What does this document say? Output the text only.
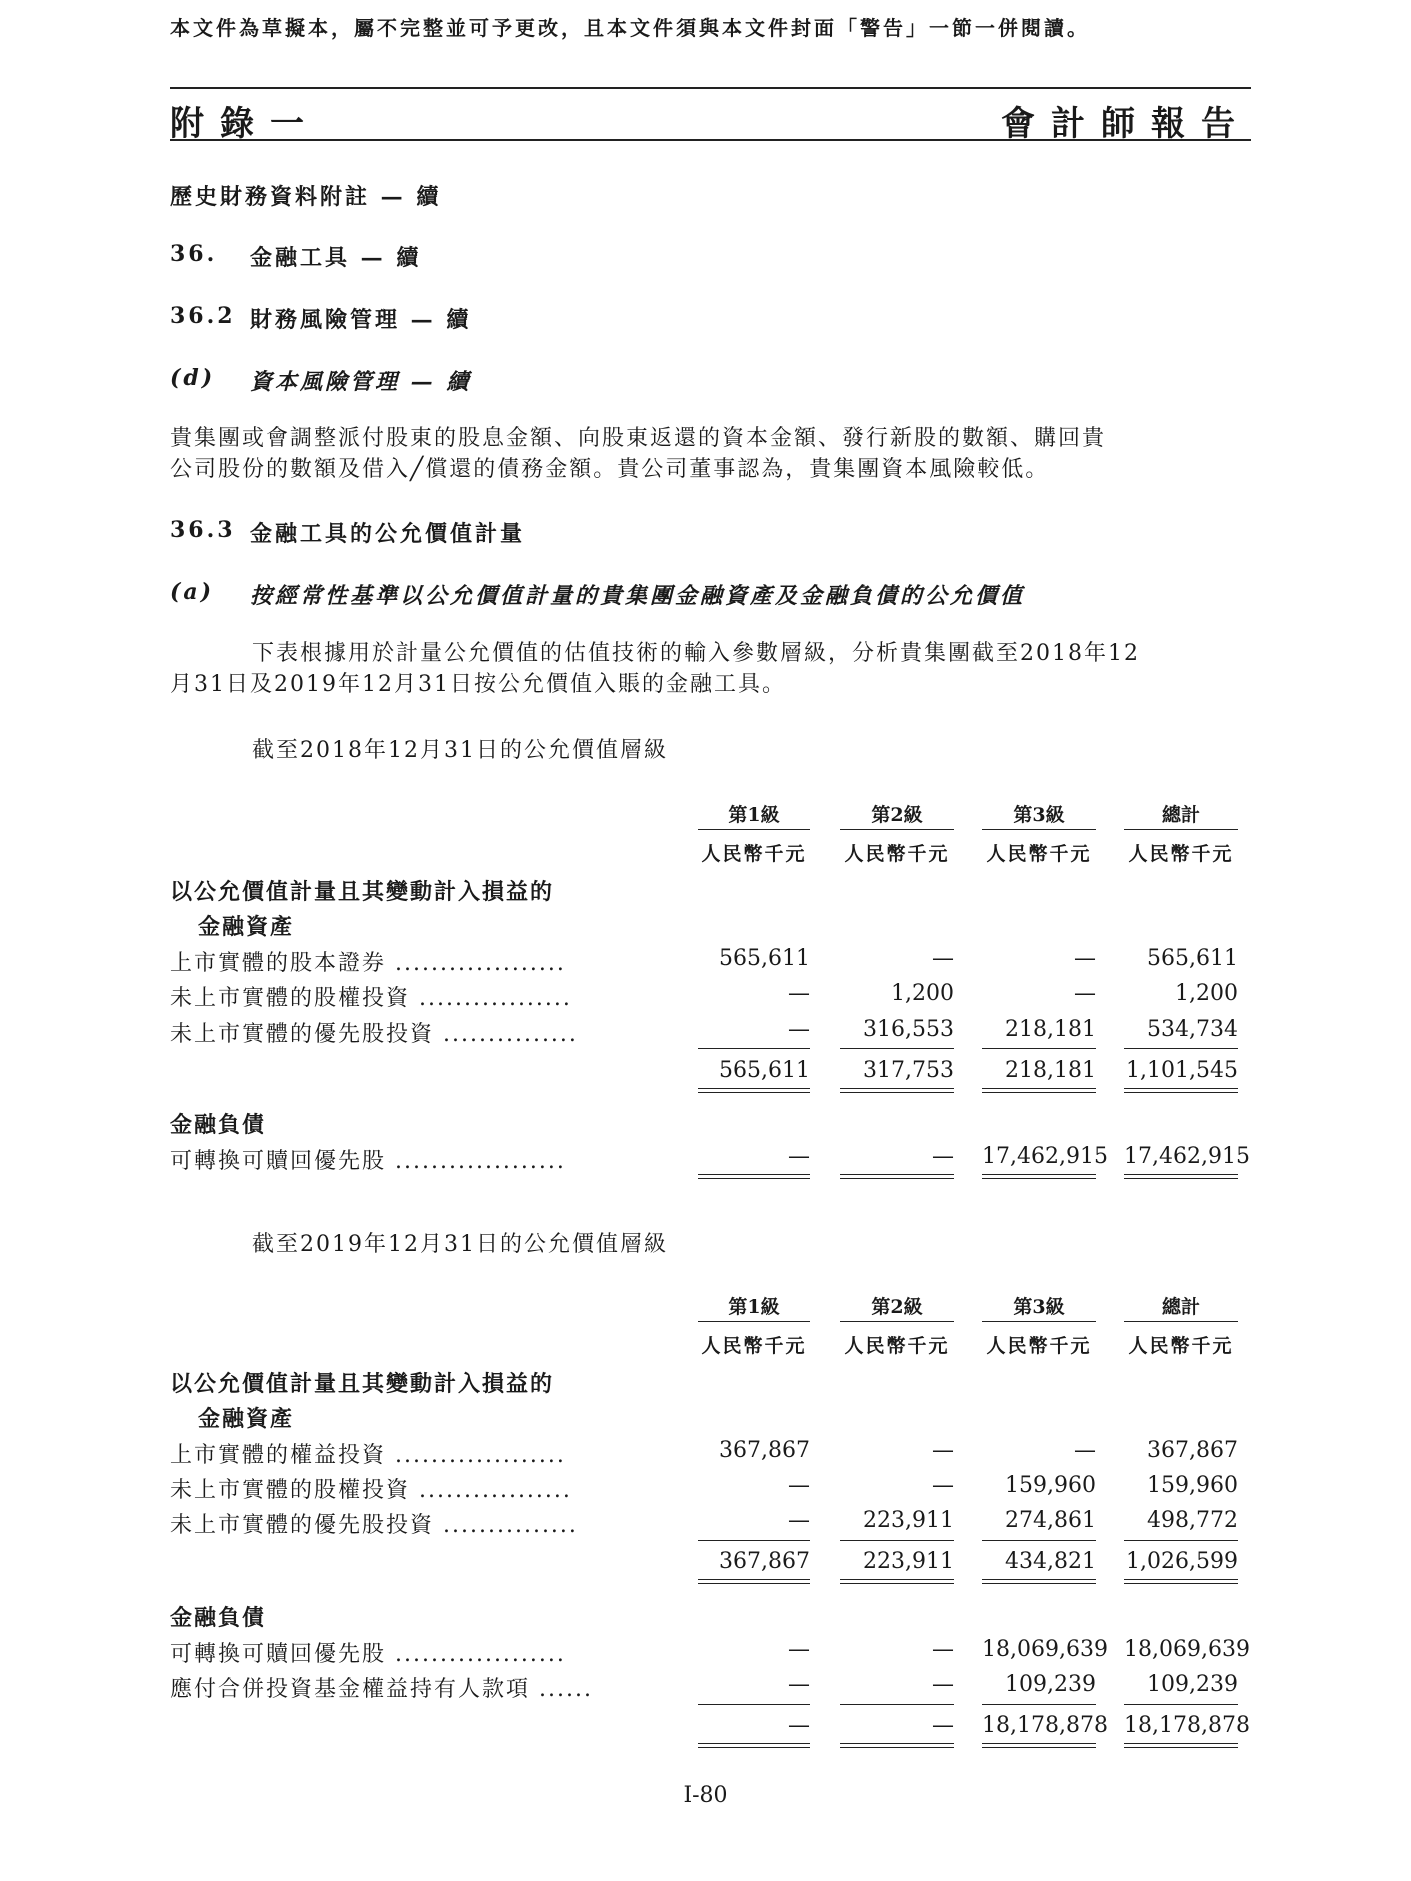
本文件為草擬本，屬不完整並可予更改，且本文件須與本文件封面「警告」一節一併閱讀。
附錄一	會計師報告
歷史財務資料附註 — 續
36. 金融工具 — 續
36.2 財務風險管理 — 續
(d) 資本風險管理 — 續

貴集團或會調整派付股東的股息金額、向股東返還的資本金額、發行新股的數額、購回貴

公司股份的數額及借入╱償還的債務金額。貴公司董事認為，貴集團資本風險較低。

36.3 金融工具的公允價值計量
(a) 按經常性基準以公允價值計量的貴集團金融資產及金融負債的公允價值

下表根據用於計量公允價值的估值技術的輸入參數層級，分析貴集團截至2018年12

月31日及2019年12月31日按公允價值入賬的金融工具。

截至2018年12月31日的公允價值層級
第1級	第2級	第3級	總計
人民幣千元 人民幣千元 人民幣千元 人民幣千元
以公允價值計量且其變動計入損益的
金融資產
上市實體的股本證券 ...................	565,611	—	—	565,611
未上市實體的股權投資 .................	—	1,200	—	1,200
未上市實體的優先股投資 ...............	—	316,553	218,181	534,734
565,611	317,753	218,181 1,101,545
金融負債
可轉換可贖回優先股 ...................	—	— 17,462,915 17,462,915
截至2019年12月31日的公允價值層級
第1級	第2級	第3級	總計
人民幣千元 人民幣千元 人民幣千元 人民幣千元
以公允價值計量且其變動計入損益的
金融資產
上市實體的權益投資 ...................	367,867	—	—	367,867
未上市實體的股權投資 .................	—	—	159,960	159,960
未上市實體的優先股投資 ...............	—	223,911	274,861	498,772
367,867	223,911	434,821 1,026,599
金融負債
可轉換可贖回優先股 ...................	—	— 18,069,639 18,069,639
應付合併投資基金權益持有人款項 ......	—	—	109,239	109,239
—	— 18,178,878 18,178,878
I-80
